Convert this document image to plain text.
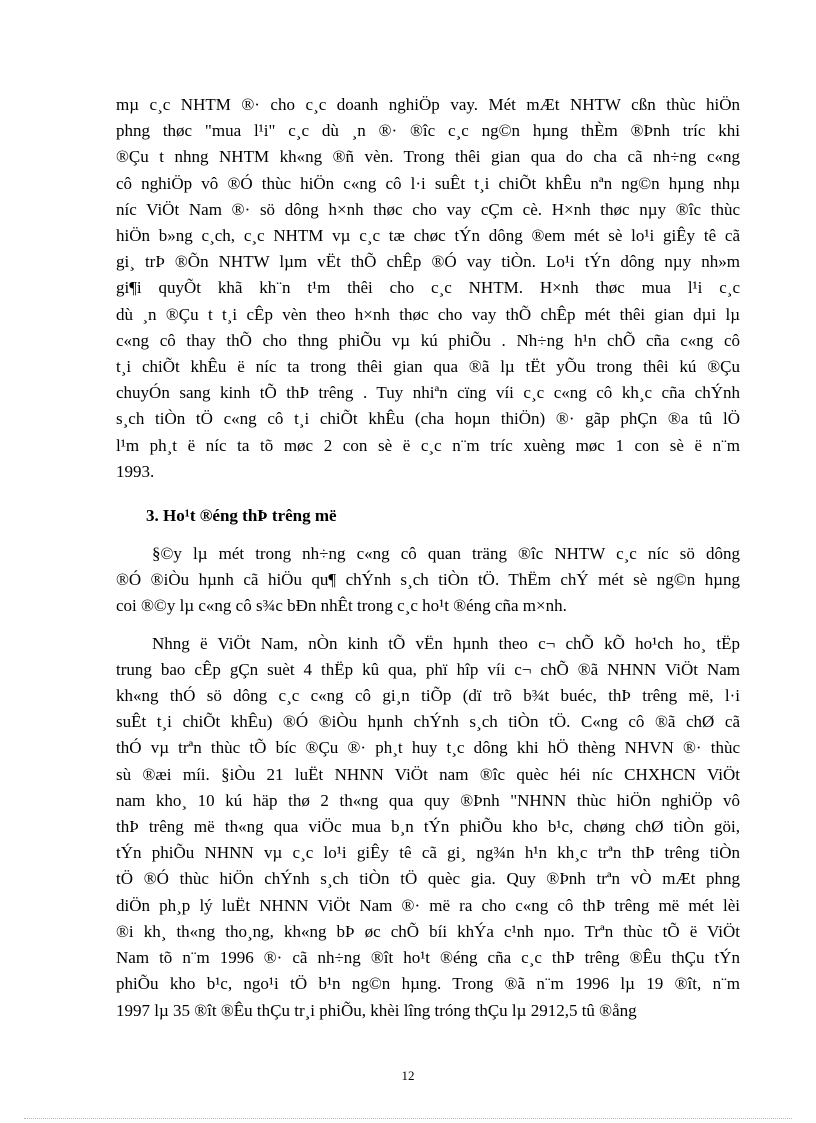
mµ c¸c NHTM ®· cho c¸c doanh nghiÖp vay. Mét mÆt NHTW cßn thùc hiÖn
phng thøc "mua l¹i" c¸c dù ¸n ®· ®îc c¸c ng©n hµng thÈm ®Þnh tríc khi
®Çu t nhng NHTM kh«ng ®ñ vèn. Trong thêi gian qua do cha cã nh÷ng c«ng
cô nghiÖp vô ®Ó thùc hiÖn c«ng cô l·i suÊt t¸i chiÕt khÊu nªn ng©n hµng nhµ
níc ViÖt Nam ®· sö dông h×nh thøc cho vay cÇm cè. H×nh thøc nµy ®îc thùc
hiÖn b»ng c¸ch, c¸c NHTM vµ c¸c tæ chøc tÝn dông ®em mét sè lo¹i giÊy tê cã
gi¸ trÞ ®Õn NHTW lµm vËt thÕ chÊp ®Ó vay tiÒn. Lo¹i tÝn dông nµy nh»m
gi¶i quyÕt khã kh¨n t¹m thêi cho c¸c NHTM. H×nh thøc mua l¹i c¸c
dù ¸n ®Çu t t¸i cÊp vèn theo h×nh thøc cho vay thÕ chÊp mét thêi gian dµi lµ
c«ng cô thay thÕ cho thng phiÕu vµ kú phiÕu . Nh÷ng h¹n chÕ cña c«ng cô
t¸i chiÕt khÊu ë níc ta trong thêi gian qua ®ã lµ tËt yÕu trong thêi kú ®Çu
chuyÓn sang kinh tÕ thÞ trêng . Tuy nhiªn cïng víi c¸c c«ng cô kh¸c cña chÝnh
s¸ch tiÒn tÖ c«ng cô t¸i chiÕt khÊu (cha hoµn thiÖn) ®· gãp phÇn ®a tû lÖ
l¹m ph¸t ë níc ta tõ møc 2 con sè ë c¸c n¨m tríc xuèng møc 1 con sè ë n¨m
1993.

3. Ho¹t ®éng thÞ trêng më

§©y lµ mét trong nh÷ng c«ng cô quan träng ®îc NHTW c¸c níc sö dông
®Ó ®iÒu hµnh cã hiÖu qu¶ chÝnh s¸ch tiÒn tÖ. ThËm chÝ mét sè ng©n hµng
coi ®©y lµ c«ng cô s¾c bÐn nhÊt trong c¸c ho¹t ®éng cña m×nh.

Nhng ë ViÖt Nam, nÒn kinh tÕ vËn hµnh theo c¬ chÕ kÕ ho¹ch ho¸ tËp
trung bao cÊp gÇn suèt 4 thËp kû qua, phï hîp víi c¬ chÕ ®ã NHNN ViÖt Nam
kh«ng thÓ sö dông c¸c c«ng cô gi¸n tiÕp (dï trõ b¾t buéc, thÞ trêng më, l·i
suÊt t¸i chiÕt khÊu) ®Ó ®iÒu hµnh chÝnh s¸ch tiÒn tÖ. C«ng cô ®ã chØ cã
thÓ vµ trªn thùc tÕ bíc ®Çu ®· ph¸t huy t¸c dông khi hÖ thèng NHVN ®· thùc
sù ®æi míi. §iÒu 21 luËt NHNN ViÖt nam ®îc quèc héi níc CHXHCN ViÖt
nam kho¸ 10 kú häp thø 2 th«ng qua quy ®Þnh "NHNN thùc hiÖn nghiÖp vô
thÞ trêng më th«ng qua viÖc mua b¸n tÝn phiÕu kho b¹c, chøng chØ tiÒn göi,
tÝn phiÕu NHNN vµ c¸c lo¹i giÊy tê cã gi¸ ng¾n h¹n kh¸c trªn thÞ trêng tiÒn
tÖ ®Ó thùc hiÖn chÝnh s¸ch tiÒn tÖ quèc gia. Quy ®Þnh trªn vÒ mÆt phng
diÖn ph¸p lý luËt NHNN ViÖt Nam ®· më ra cho c«ng cô thÞ trêng më mét lèi
®i kh¸ th«ng tho¸ng, kh«ng bÞ øc chÕ bíi khÝa c¹nh nµo. Trªn thùc tÕ ë ViÖt
Nam tõ n¨m 1996 ®· cã nh÷ng ®ît ho¹t ®éng cña c¸c thÞ trêng ®Êu thÇu tÝn
phiÕu kho b¹c, ngo¹i tÖ b¹n ng©n hµng. Trong ®ã n¨m 1996 lµ 19 ®ît, n¨m
1997 lµ 35 ®ît ®Êu thÇu tr¸i phiÕu, khèi lîng tróng thÇu lµ 2912,5 tû ®ång

12
